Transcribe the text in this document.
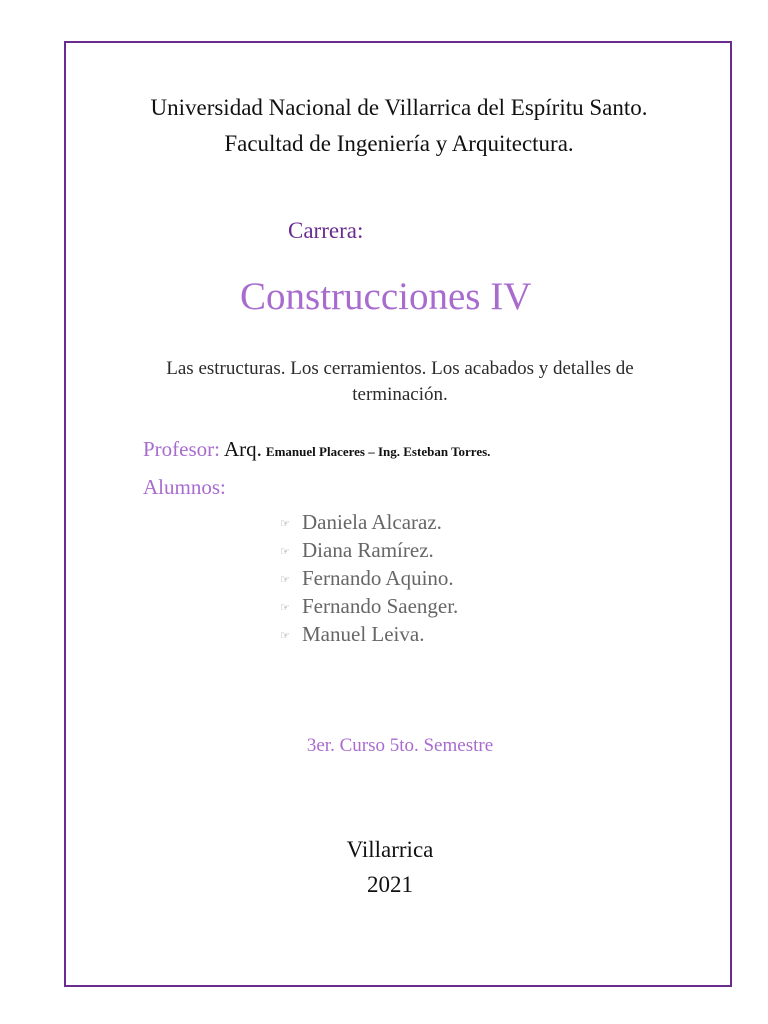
Universidad Nacional de Villarrica del Espíritu Santo.
Facultad de Ingeniería y Arquitectura.
Carrera:
Construcciones IV
Las estructuras. Los cerramientos. Los acabados y detalles de terminación.
Profesor: Arq. Emanuel Placeres – Ing. Esteban Torres.
Alumnos:
☞ Daniela Alcaraz.
☞ Diana Ramírez.
☞ Fernando Aquino.
☞ Fernando Saenger.
☞ Manuel Leiva.
3er. Curso 5to. Semestre
Villarrica
2021
